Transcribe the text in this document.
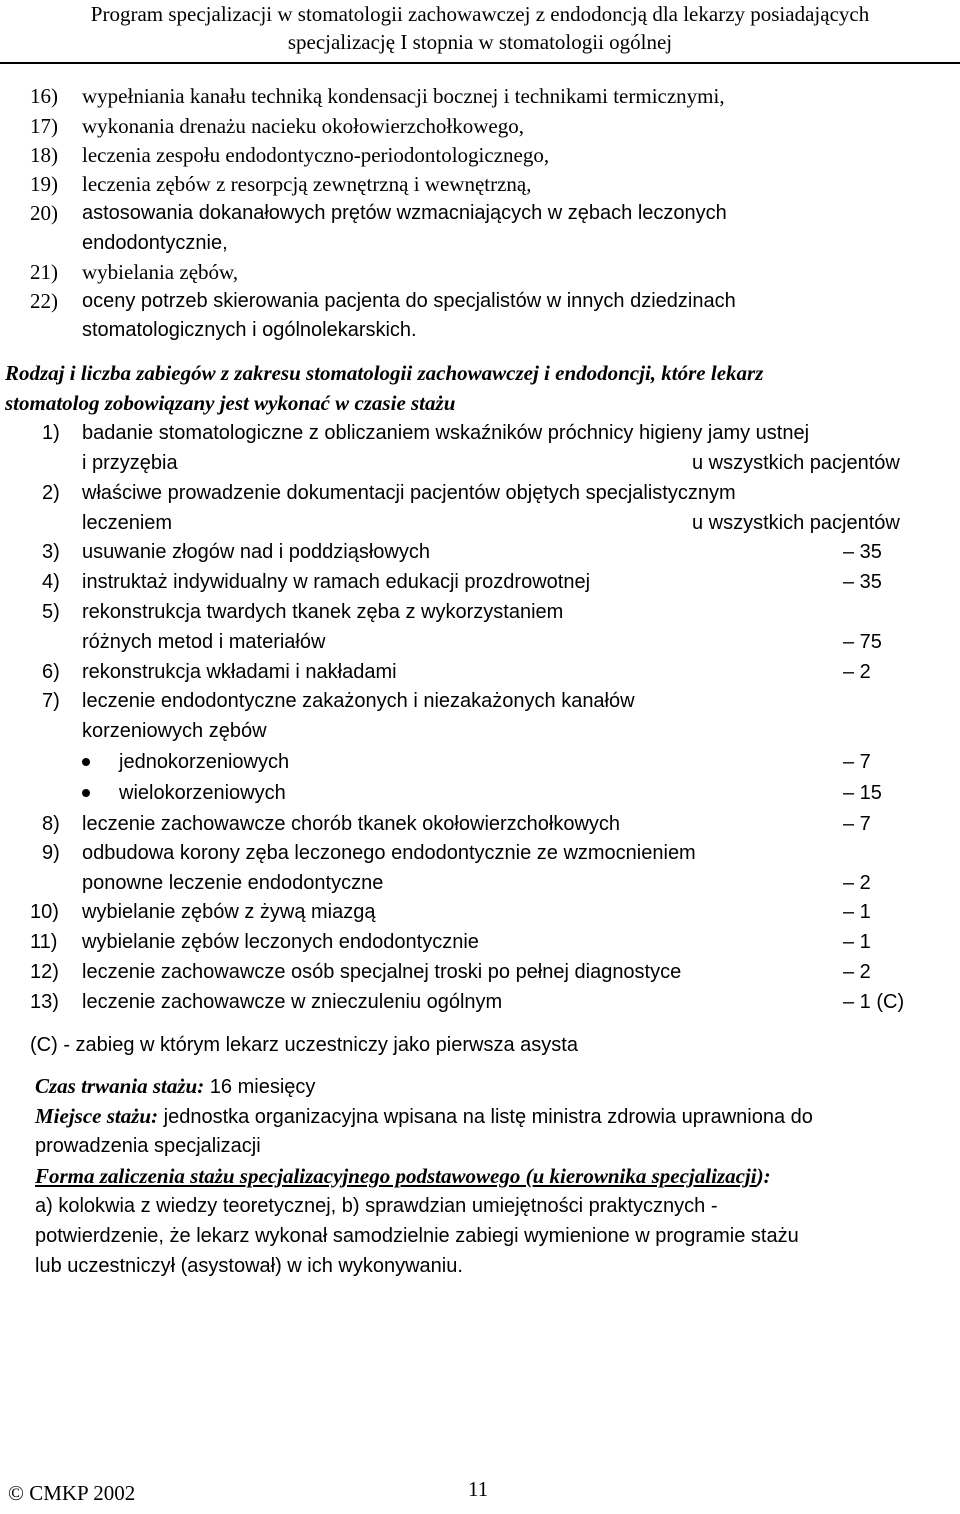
Program specjalizacji w stomatologii zachowawczej z endodoncją dla lekarzy posiadających
specjalizację I stopnia w stomatologii ogólnej
16) wypełniania kanału techniką kondensacji bocznej i technikami termicznymi,
17) wykonania drenażu nacieku okołowierzchołkowego,
18) leczenia zespołu endodontyczno-periodontologicznego,
19) leczenia zębów z resorpcją zewnętrzną i wewnętrzną,
20) astosowania dokanałowych prętów wzmacniających w zębach leczonych
endodontycznie,
21) wybielania zębów,
22) oceny potrzeb skierowania pacjenta do specjalistów w innych dziedzinach
stomatologicznych i ogólnolekarskich.
Rodzaj i liczba zabiegów z zakresu stomatologii zachowawczej i endodoncji, które lekarz
stomatolog zobowiązany jest wykonać w czasie stażu
1) badanie stomatologiczne z obliczaniem wskaźników próchnicy higieny jamy ustnej
i przyzębia	u wszystkich pacjentów
2) właściwe prowadzenie dokumentacji pacjentów objętych specjalistycznym
leczeniem	u wszystkich pacjentów
3) usuwanie złogów nad i poddziąsłowych	– 35
4) instruktaż indywidualny w ramach edukacji prozdrowotnej	– 35
5) rekonstrukcja twardych tkanek zęba z wykorzystaniem
różnych metod i materiałów	– 75
6) rekonstrukcja wkładami i nakładami	– 2
7) leczenie endodontyczne zakażonych i niezakażonych kanałów
korzeniowych zębów
jednokorzeniowych	– 7
wielokorzeniowych	– 15
8) leczenie zachowawcze chorób tkanek okołowierzchołkowych	– 7
9) odbudowa korony zęba leczonego endodontycznie ze wzmocnieniem
ponowne leczenie endodontyczne	– 2
10) wybielanie zębów z żywą miazgą	– 1
11) wybielanie zębów leczonych endodontycznie	– 1
12) leczenie zachowawcze osób specjalnej troski po pełnej diagnostyce	– 2
13) leczenie zachowawcze w znieczuleniu ogólnym	– 1 (C)
(C) - zabieg w którym lekarz uczestniczy jako pierwsza asysta
Czas trwania stażu: 16 miesięcy
Miejsce stażu: jednostka organizacyjna wpisana na listę ministra zdrowia uprawniona do
prowadzenia specjalizacji
Forma zaliczenia stażu specjalizacyjnego podstawowego (u kierownika specjalizacji):
a) kolokwia z wiedzy teoretycznej, b) sprawdzian umiejętności praktycznych -
potwierdzenie, że lekarz wykonał samodzielnie zabiegi wymienione w programie stażu
lub uczestniczył (asystował) w ich wykonywaniu.
© CMKP 2002	11
